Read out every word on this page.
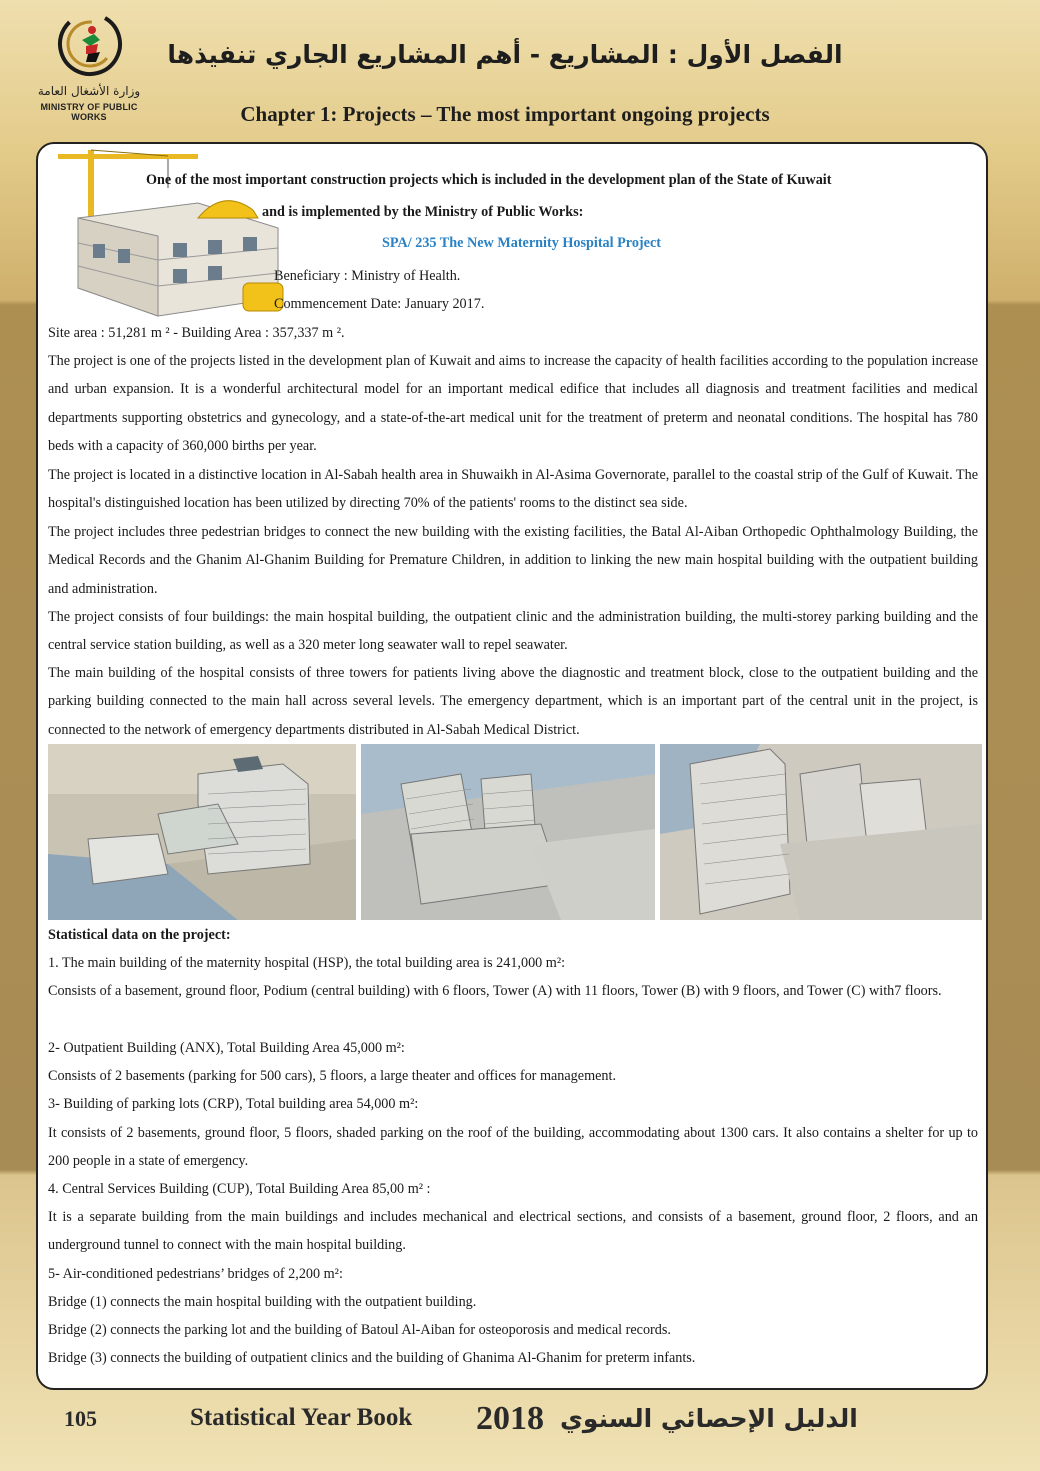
وزارة الأشغال العامة
MINISTRY OF PUBLIC WORKS
الفصل الأول : المشاريع - أهم المشاريع الجاري تنفيذها
Chapter 1: Projects – The most important ongoing projects
One of the most important construction projects which is included in the development plan of the State of Kuwait
and is implemented by the Ministry of Public Works:
SPA/ 235 The New Maternity Hospital Project
Beneficiary : Ministry of Health.
Commencement Date: January 2017.
Site area : 51,281 m ² - Building Area : 357,337 m ².
The project is one of the projects listed in the development plan of Kuwait and aims to increase the capacity of health facilities according to the population increase and urban expansion. It is a wonderful architectural model for an important medical edifice that includes all diagnosis and treatment facilities and medical departments supporting obstetrics and gynecology, and a state-of-the-art medical unit for the treatment of preterm and neonatal conditions. The hospital has 780 beds with a capacity of 360,000 births per year.
The project is located in a distinctive location in Al-Sabah health area in Shuwaikh in Al-Asima Governorate, parallel to the coastal strip of the Gulf of Kuwait. The hospital's distinguished location has been utilized by directing 70% of the patients' rooms to the distinct sea side.
The project includes three pedestrian bridges to connect the new building with the existing facilities, the Batal Al-Aiban Orthopedic Ophthalmology Building, the Medical Records and the Ghanim Al-Ghanim Building for Premature Children, in addition to linking the new main hospital building with the outpatient building and administration.
The project consists of four buildings: the main hospital building, the outpatient clinic and the administration building, the multi-storey parking building and the central service station building, as well as a 320 meter long seawater wall to repel seawater.
The main building of the hospital consists of three towers for patients living above the diagnostic and treatment block, close to the outpatient building and the parking building connected to the main hall across several levels. The emergency department, which is an important part of the central unit in the project, is connected to the network of emergency departments distributed in Al-Sabah Medical District.
Statistical data on the project:
1. The main building of the maternity hospital (HSP), the total building area is 241,000 m²:
Consists of a basement, ground floor, Podium (central building) with 6 floors, Tower (A) with 11 floors, Tower (B) with 9 floors, and Tower (C) with7 floors.
2- Outpatient Building (ANX), Total Building Area 45,000 m²:
Consists of 2 basements (parking for 500 cars), 5 floors, a large theater and offices for management.
3- Building of parking lots (CRP), Total building area 54,000 m²:
It consists of 2 basements, ground floor, 5 floors, shaded parking on the roof of the building, accommodating about 1300 cars. It also contains a shelter for up to 200 people in a state of emergency.
4. Central Services Building (CUP), Total Building Area 85,00 m² :
It is a separate building from the main buildings and includes mechanical and electrical sections, and consists of a basement, ground floor, 2 floors, and an underground tunnel to connect with the main hospital building.
5- Air-conditioned pedestrians’ bridges of 2,200 m²:
Bridge (1) connects the main hospital building with the outpatient building.
Bridge (2) connects the parking lot and the building of Batoul Al-Aiban for osteoporosis and medical records.
Bridge (3) connects the building of outpatient clinics and the building of Ghanima Al-Ghanim for preterm infants.
105	Statistical Year Book 2018 الدليل الإحصائي السنوي
